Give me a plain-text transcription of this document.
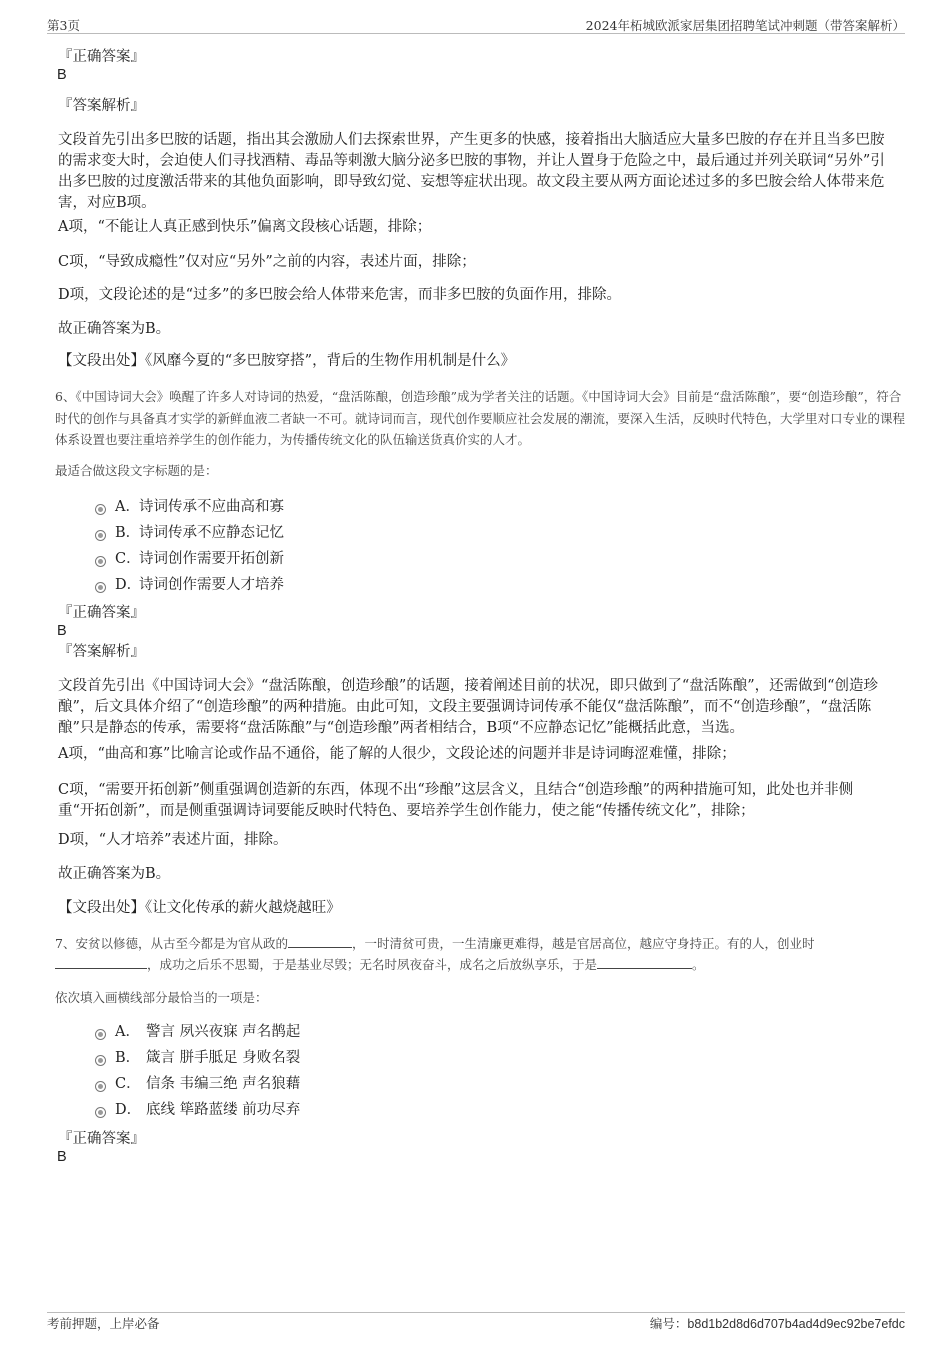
第3页	2024年柘城欧派家居集团招聘笔试冲刺题（带答案解析）
『正确答案』
B
『答案解析』
文段首先引出多巴胺的话题，指出其会激励人们去探索世界，产生更多的快感，接着指出大脑适应大量多巴胺的存在并且当多巴胺的需求变大时，会迫使人们寻找酒精、毒品等刺激大脑分泌多巴胺的事物，并让人置身于危险之中，最后通过并列关联词“另外”引出多巴胺的过度激活带来的其他负面影响，即导致幻觉、妄想等症状出现。故文段主要从两方面论述过多的多巴胺会给人体带来危害，对应B项。
A项，“不能让人真正感到快乐”偏离文段核心话题，排除；
C项，“导致成瘾性”仅对应“另外”之前的内容，表述片面，排除；
D项，文段论述的是“过多”的多巴胺会给人体带来危害，而非多巴胺的负面作用，排除。
故正确答案为B。
【文段出处】《风靡今夏的“多巴胺穿搭”，背后的生物作用机制是什么》
6、《中国诗词大会》唤醒了许多人对诗词的热爱，“盘活陈酿，创造珍酿”成为学者关注的话题。《中国诗词大会》目前是“盘活陈酿”，要“创造珍酿”，符合时代的创作与具备真才实学的新鲜血液二者缺一不可。就诗词而言，现代创作要顺应社会发展的潮流，要深入生活，反映时代特色，大学里对口专业的课程体系设置也要注重培养学生的创作能力，为传播传统文化的队伍输送货真价实的人才。
最适合做这段文字标题的是：
A． 诗词传承不应曲高和寡
B．
诗词传承不应静态记忆
C．
诗词创作需要开拓创新
D．
诗词创作需要人才培养
『正确答案』
B
『答案解析』
文段首先引出《中国诗词大会》“盘活陈酿，创造珍酿”的话题，接着阐述目前的状况，即只做到了“盘活陈酿”，还需做到“创造珍酿”，后文具体介绍了“创造珍酿”的两种措施。由此可知，文段主要强调诗词传承不能仅“盘活陈酿”，而不“创造珍酿”，“盘活陈酿”只是静态的传承，需要将“盘活陈酿”与“创造珍酿”两者相结合，B项“不应静态记忆”能概括此意，当选。
A项，“曲高和寡”比喻言论或作品不通俗，能了解的人很少，文段论述的问题并非是诗词晦涩难懂，排除；
C项，“需要开拓创新”侧重强调创造新的东西，体现不出“珍酿”这层含义，且结合“创造珍酿”的两种措施可知，此处也并非侧重“开拓创新”，而是侧重强调诗词要能反映时代特色、要培养学生创作能力，使之能“传播传统文化”，排除；
D项，“人才培养”表述片面，排除。
故正确答案为B。
【文段出处】《让文化传承的薪火越烧越旺》
7、安贫以修德，从古至今都是为官从政的	，一时清贫可贵，一生清廉更难得，越是官居高位，越应守身持正。有的人，创业时
，成功之后乐不思蜀，于是基业尽毁；无名时夙夜奋斗，成名之后放纵享乐，于是	。
依次填入画横线部分最恰当的一项是：
A． 警言 夙兴夜寐 声名鹊起
B． 箴言 胼手胝足 身败名裂
C． 信条 韦编三绝 声名狼藉
D． 底线 筚路蓝缕 前功尽弃
『正确答案』
B
考前押题，上岸必备	编号：b8d1b2d8d6d707b4ad4d9ec92be7efdc
